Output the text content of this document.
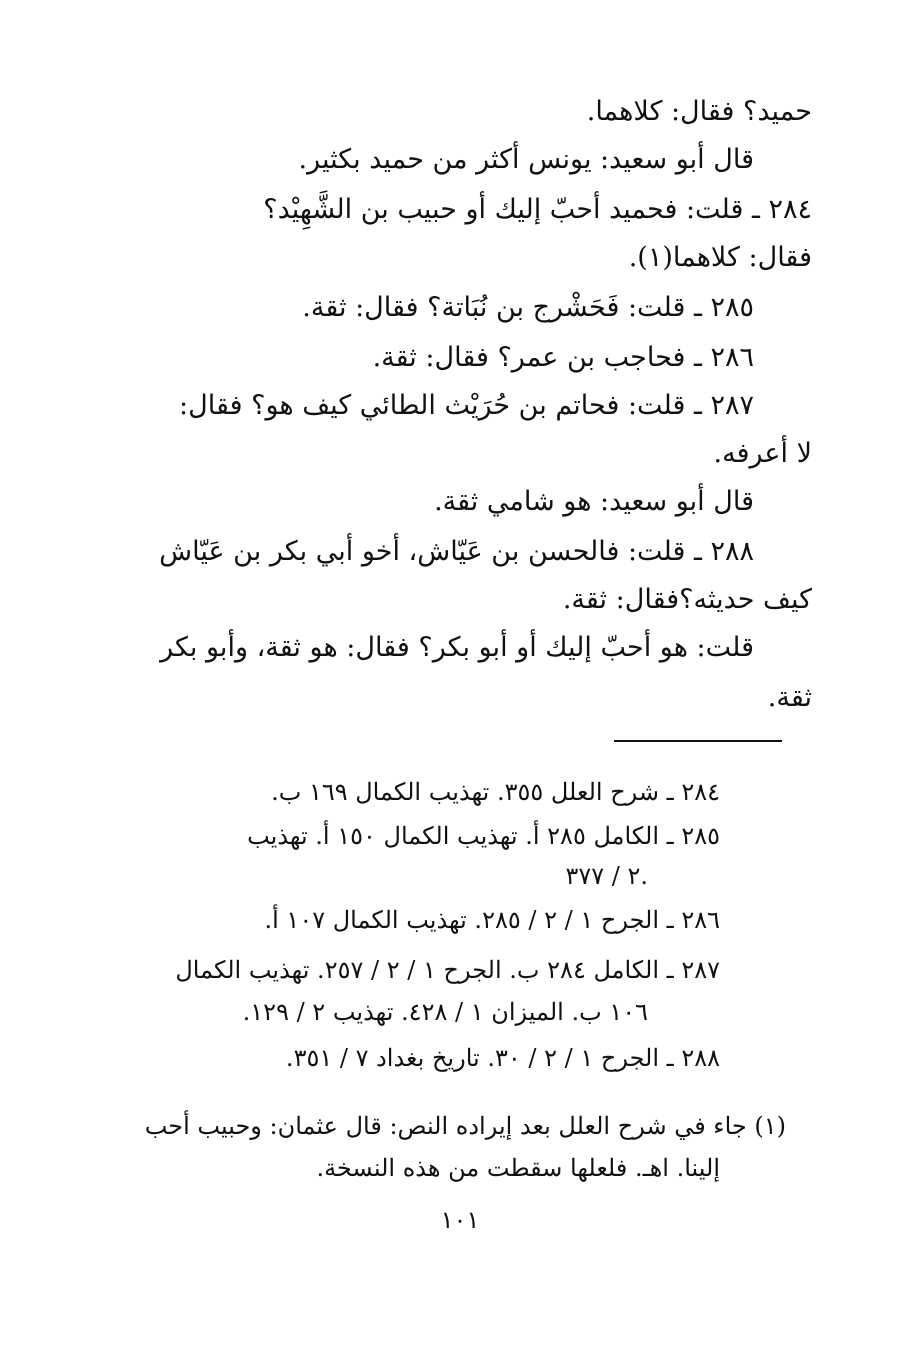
حميد؟ فقال: كلاهما.
قال أبو سعيد: يونس أكثر من حميد بكثير.
٢٨٤ ـ قلت: فحميد أحبّ إليك أو حبيب بن الشَّهِيْد؟
فقال: كلاهما(١).
٢٨٥ ـ قلت: فَحَشْرج بن نُبَاتة؟ فقال: ثقة.
٢٨٦ ـ فحاجب بن عمر؟ فقال: ثقة.
٢٨٧ ـ قلت: فحاتم بن حُرَيْث الطائي كيف هو؟ فقال:
لا أعرفه.
قال أبو سعيد: هو شامي ثقة.
٢٨٨ ـ قلت: فالحسن بن عَيّاش، أخو أبي بكر بن عَيّاش
كيف حديثه؟فقال: ثقة.
قلت: هو أحبّ إليك أو أبو بكر؟ فقال: هو ثقة، وأبو بكر
ثقة.
٢٨٤ ـ شرح العلل ٣٥٥. تهذيب الكمال ١٦٩ ب.
٢٨٥ ـ الكامل ٢٨٥ أ. تهذيب الكمال ١٥٠ أ. تهذيب
٢ / ٣٧٧.
٢٨٦ ـ الجرح ١ / ٢ / ٢٨٥. تهذيب الكمال ١٠٧ أ.
٢٨٧ ـ الكامل ٢٨٤ ب. الجرح ١ / ٢ / ٢٥٧. تهذيب الكمال
١٠٦ ب. الميزان ١ / ٤٢٨. تهذيب ٢ / ١٢٩.
٢٨٨ ـ الجرح ١ / ٢ / ٣٠. تاريخ بغداد ٧ / ٣٥١.
(١) جاء في شرح العلل بعد إيراده النص: قال عثمان: وحبيب أحب
إلينا. اهـ. فلعلها سقطت من هذه النسخة.
١٠١
